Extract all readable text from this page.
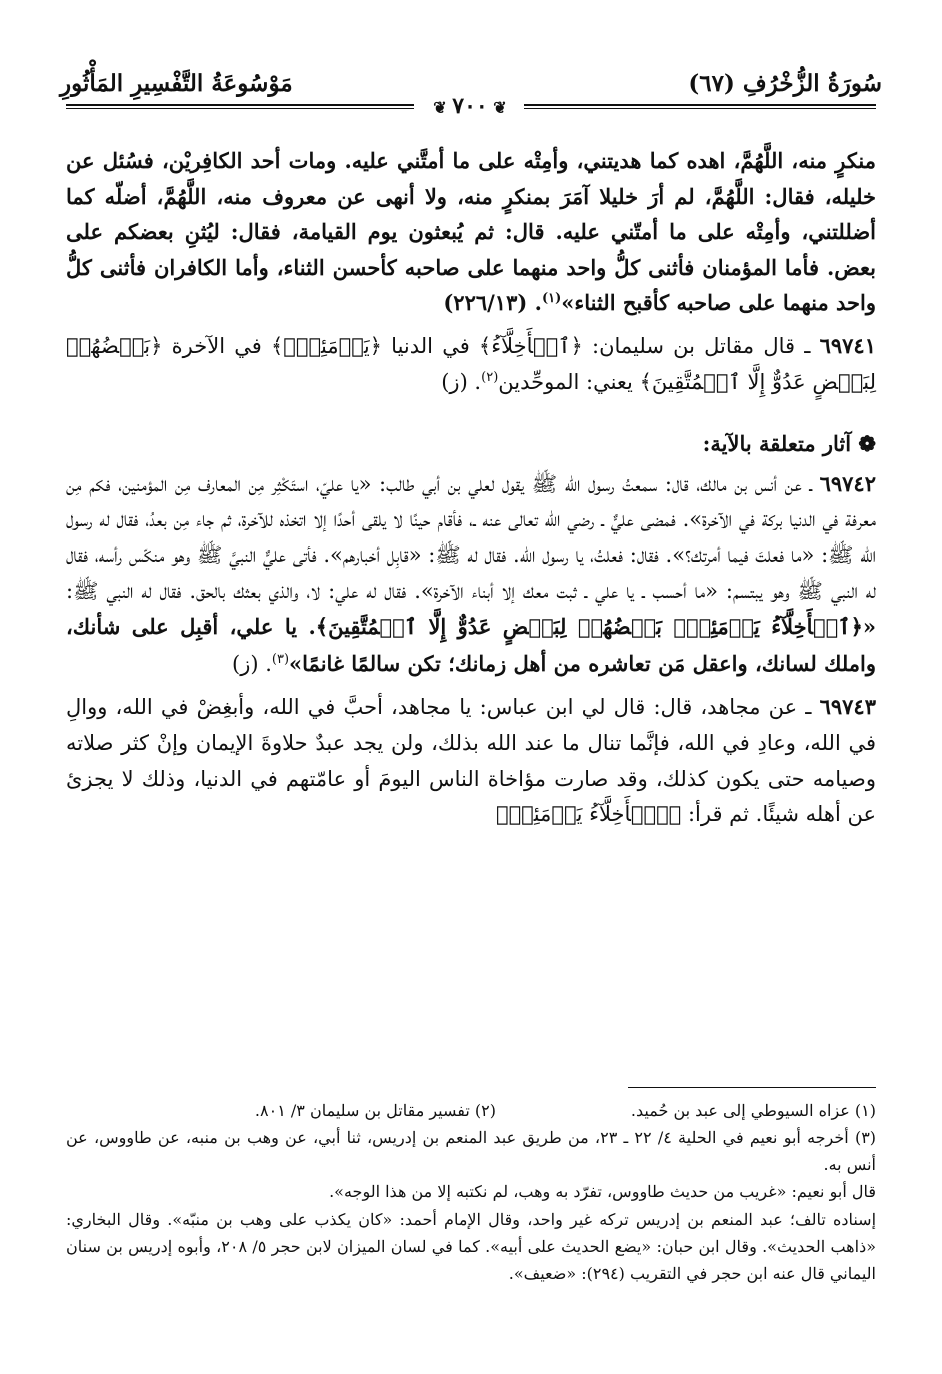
سُورَةُ الزُّخْرُفِ (٦٧)
مَوْسُوعَةُ التَّفْسِيرِ المَأْثُورِ
❦ ٧٠٠ ❦

منكرٍ منه، اللَّهُمَّ، اهده كما هديتني، وأمِتْه على ما أمتَّني عليه. ومات أحد الكافِريْن، فسُئل عن خليله، فقال: اللَّهُمَّ، لم أرَ خليلا آمَرَ بمنكرٍ منه، ولا أنهى عن معروف منه، اللَّهُمَّ، أضلّه كما أضللتني، وأمِتْه على ما أمتّني عليه. قال: ثم يُبعثون يوم القيامة، فقال: ليُثنِ بعضكم على بعض. فأما المؤمنان فأثنى كلُّ واحد منهما على صاحبه كأحسن الثناء، وأما الكافران فأثنى كلُّ واحد منهما على صاحبه كأقبح الثناء»$^{(١)}$. (٢٢٦/١٣)

٦٩٧٤١ ـ قال مقاتل بن سليمان: ﴿ٱلۡأَخِلَّآءُ﴾ في الدنيا ﴿يَوۡمَئِذِۭ﴾ في الآخرة ﴿بَعۡضُهُمۡ لِبَعۡضٍ عَدُوٌّ إِلَّا ٱلۡمُتَّقِينَ﴾ يعني: الموحِّدين$^{(٢)}$. (ز)

❁ آثار متعلقة بالآية:

٦٩٧٤٢ ـ عن أنس بن مالك، قال: سمعتُ رسول الله ﷺ يقول لعلي بن أبي طالب: «يا عليّ، استَكْثِر مِن المعارف مِن المؤمنين، فكم مِن معرفة في الدنيا بركة في الآخرة». فمضى عليٌّ ـ رضي الله تعالى عنه ـ، فأقام حينًا لا يلقى أحدًا إلا اتخذه للآخرة، ثم جاء مِن بعدُ، فقال له رسول الله ﷺ: «ما فعلتَ فيما أمرتك؟». فقال: فعلتُ، يا رسول الله. فقال له ﷺ: «قابِل أخبارهم». فأتى عليٌّ النبيَّ ﷺ وهو منكّس رأسه، فقال له النبي ﷺ وهو يبتسم: «ما أحسب ـ يا علي ـ ثبت معك إلا أبناء الآخرة». فقال له علي: لا، والذي بعثك بالحق. فقال له النبي ﷺ: «﴿ٱلۡأَخِلَّآءُ يَوۡمَئِذِۭ بَعۡضُهُمۡ لِبَعۡضٍ عَدُوٌّ إِلَّا ٱلۡمُتَّقِينَ﴾. يا علي، أقبِل على شأنك، واملك لسانك، واعقل مَن تعاشره من أهل زمانك؛ تكن سالمًا غانمًا»$^{(٣)}$. (ز)

٦٩٧٤٣ ـ عن مجاهد، قال: قال لي ابن عباس: يا مجاهد، أحبَّ في الله، وأبغِضْ في الله، ووالِ في الله، وعادِ في الله، فإنَّما تنال ما عند الله بذلك، ولن يجد عبدٌ حلاوةَ الإيمان وإنْ كثر صلاته وصيامه حتى يكون كذلك، وقد صارت مؤاخاة الناس اليومَ أو عامّتهم في الدنيا، وذلك لا يجزئ عن أهله شيئًا. ثم قرأ: ﴿ٱلۡأَخِلَّآءُ يَوۡمَئِذِۭ

(١) عزاه السيوطي إلى عبد بن حُميد.
(٢) تفسير مقاتل بن سليمان ٣/ ٨٠١.

(٣) أخرجه أبو نعيم في الحلية ٤/ ٢٢ ـ ٢٣، من طريق عبد المنعم بن إدريس، ثنا أبي، عن وهب بن منبه، عن طاووس، عن أنس به.

قال أبو نعيم: «غريب من حديث طاووس، تفرّد به وهب، لم نكتبه إلا من هذا الوجه».

إسناده تالف؛ عبد المنعم بن إدريس تركه غير واحد، وقال الإمام أحمد: «كان يكذب على وهب بن منبّه». وقال البخاري: «ذاهب الحديث». وقال ابن حبان: «يضع الحديث على أبيه». كما في لسان الميزان لابن حجر ٥/ ٢٠٨، وأبوه إدريس بن سنان اليماني قال عنه ابن حجر في التقريب (٢٩٤): «ضعيف».
